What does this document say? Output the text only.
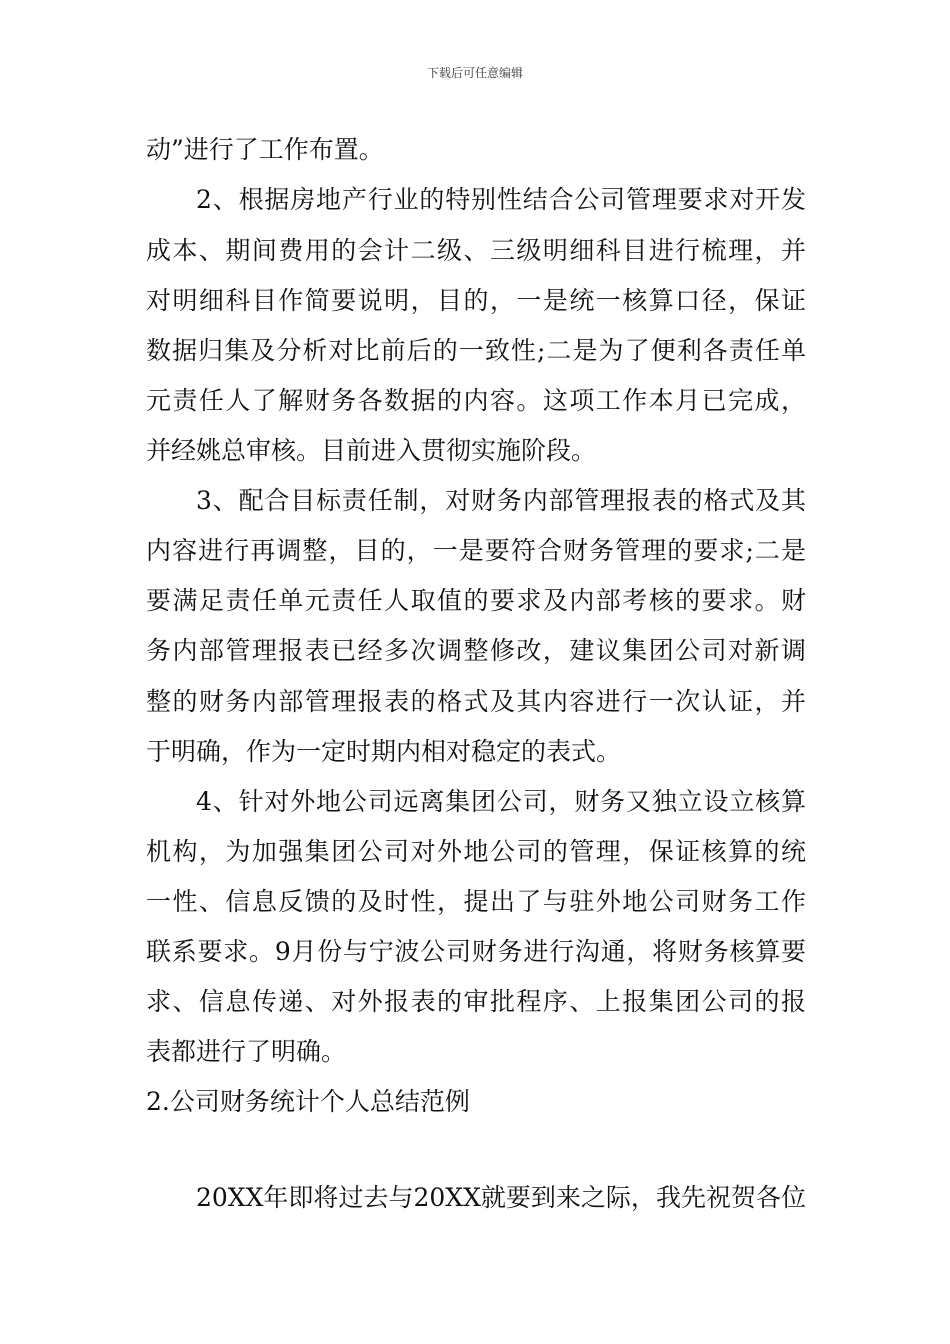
下载后可任意编辑
动”进行了工作布置。
2、根据房地产行业的特别性结合公司管理要求对开发
成本、期间费用的会计二级、三级明细科目进行梳理，并
对明细科目作简要说明，目的，一是统一核算口径，保证
数据归集及分析对比前后的一致性;二是为了便利各责任单
元责任人了解财务各数据的内容。这项工作本月已完成，
并经姚总审核。目前进入贯彻实施阶段。
3、配合目标责任制，对财务内部管理报表的格式及其
内容进行再调整，目的，一是要符合财务管理的要求;二是
要满足责任单元责任人取值的要求及内部考核的要求。财
务内部管理报表已经多次调整修改，建议集团公司对新调
整的财务内部管理报表的格式及其内容进行一次认证，并
于明确，作为一定时期内相对稳定的表式。
4、针对外地公司远离集团公司，财务又独立设立核算
机构，为加强集团公司对外地公司的管理，保证核算的统
一性、信息反馈的及时性，提出了与驻外地公司财务工作
联系要求。9月份与宁波公司财务进行沟通，将财务核算要
求、信息传递、对外报表的审批程序、上报集团公司的报
表都进行了明确。
2.公司财务统计个人总结范例
20XX年即将过去与20XX就要到来之际，我先祝贺各位
